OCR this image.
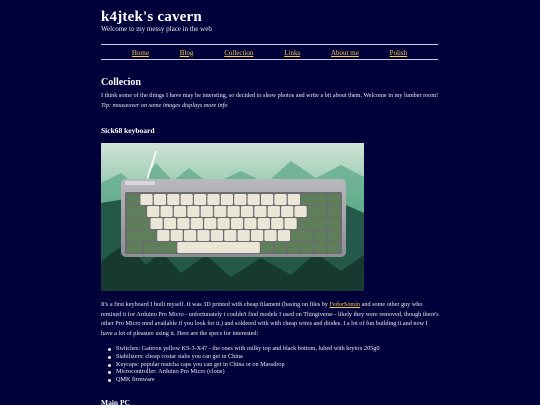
k4jtek's cavern
Welcome to my messy place in the web
Home	Blog	Collection	Links	About me	Polish
Collecion

I think some of the things I have may be intersting, so decided to show photos and write a bit about them. Welcome in my lumber room! Tip: mouseover on some images displays more info

Sick68 keyboard

It's a first keyboard I built myself. It was 3D printed with cheap filament (basing on files by FedorSomin and some other guy who remixed it for Arduino Pro Micro - unfortunately i couldn't find models I used on Thingiverse - likely they were removed, though there's other Pro Micro mod available if you look for it.) and soldered with with cheap wires and diodes. I a lot of fun building it and now I have a lot of pleasure using it. Here are the specs for interested:

Switches: Gateron yellow KS-3-X47 - the ones with milky top and black bottom, lubed with krytox 205g0
Stabilizers: cheap costar stabs you can get in China
Keycaps: popular matcha caps you can get in China or on Massdrop
Microcontroller: Arduino Pro Micro (clone)
QMK firmware
Main PC
